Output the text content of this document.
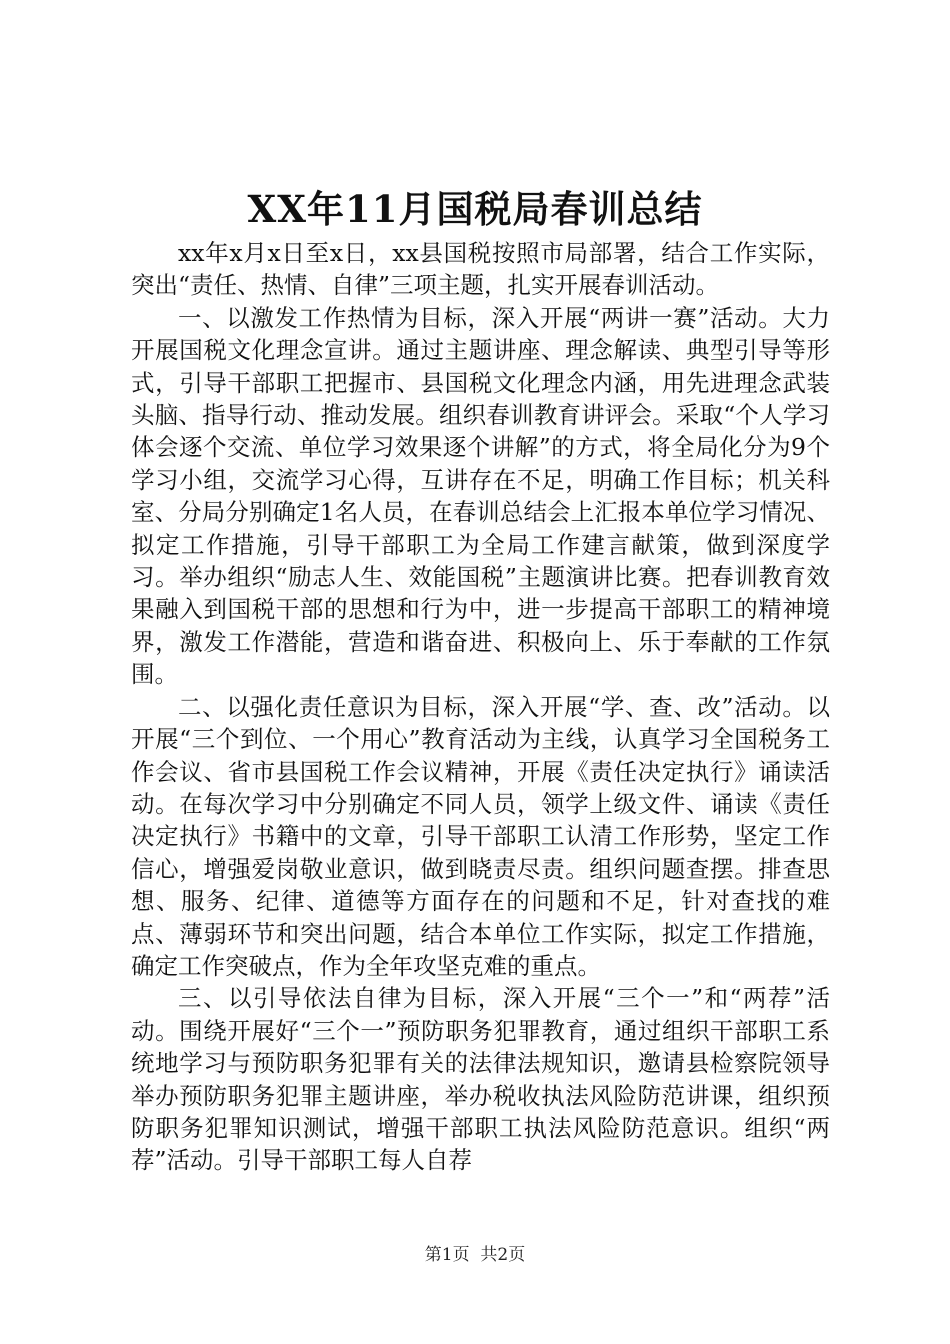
XX年11月国税局春训总结

xx年x月x日至x日，xx县国税按照市局部署，结合工作实际，突出“责任、热情、自律”三项主题，扎实开展春训活动。

一、以激发工作热情为目标，深入开展“两讲一赛”活动。大力开展国税文化理念宣讲。通过主题讲座、理念解读、典型引导等形式，引导干部职工把握市、县国税文化理念内涵，用先进理念武装头脑、指导行动、推动发展。组织春训教育讲评会。采取“个人学习体会逐个交流、单位学习效果逐个讲解”的方式，将全局化分为9个学习小组，交流学习心得，互讲存在不足，明确工作目标；机关科室、分局分别确定1名人员，在春训总结会上汇报本单位学习情况、拟定工作措施，引导干部职工为全局工作建言献策，做到深度学习。举办组织“励志人生、效能国税”主题演讲比赛。把春训教育效果融入到国税干部的思想和行为中，进一步提高干部职工的精神境界，激发工作潜能，营造和谐奋进、积极向上、乐于奉献的工作氛围。

二、以强化责任意识为目标，深入开展“学、查、改”活动。以开展“三个到位、一个用心”教育活动为主线，认真学习全国税务工作会议、省市县国税工作会议精神，开展《责任决定执行》诵读活动。在每次学习中分别确定不同人员，领学上级文件、诵读《责任决定执行》书籍中的文章，引导干部职工认清工作形势，坚定工作信心，增强爱岗敬业意识，做到晓责尽责。组织问题查摆。排查思想、服务、纪律、道德等方面存在的问题和不足，针对查找的难点、薄弱环节和突出问题，结合本单位工作实际，拟定工作措施，确定工作突破点，作为全年攻坚克难的重点。

三、以引导依法自律为目标，深入开展“三个一”和“两荐”活动。围绕开展好“三个一”预防职务犯罪教育，通过组织干部职工系统地学习与预防职务犯罪有关的法律法规知识，邀请县检察院领导举办预防职务犯罪主题讲座，举办税收执法风险防范讲课，组织预防职务犯罪知识测试，增强干部职工执法风险防范意识。组织“两荐”活动。引导干部职工每人自荐

第1页 共2页
